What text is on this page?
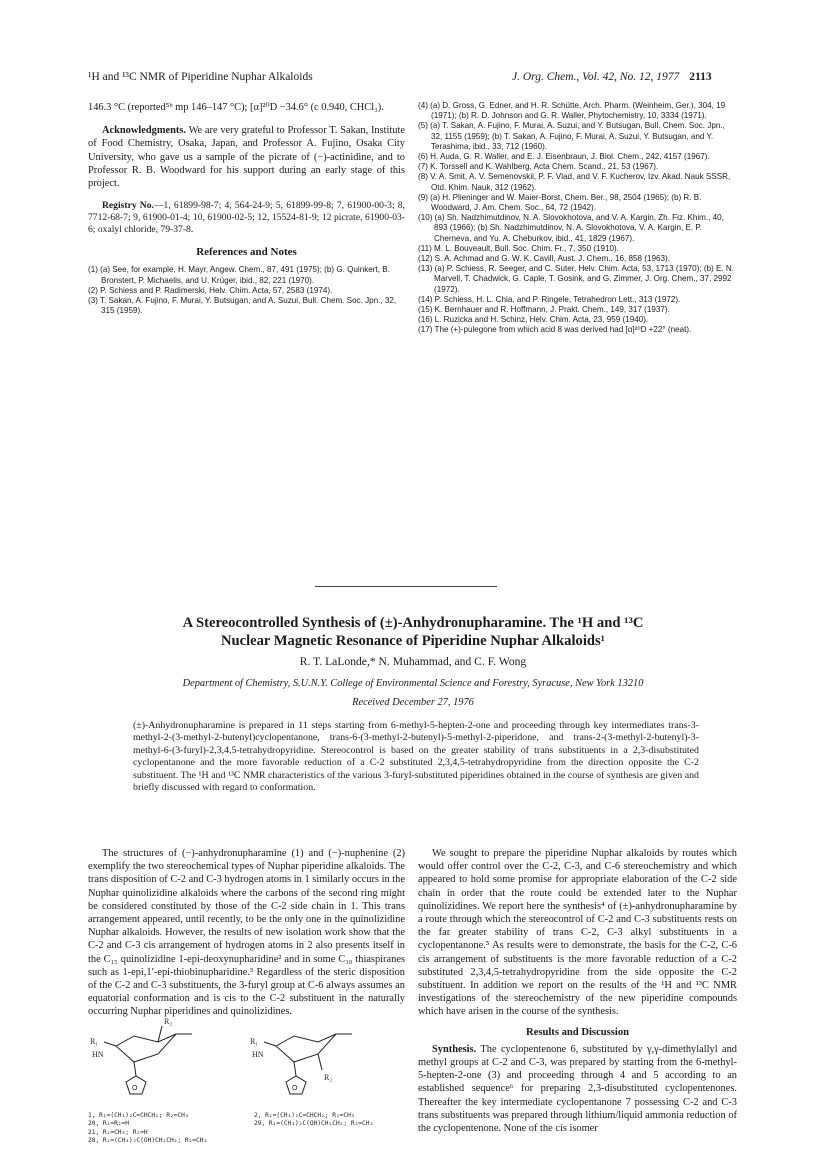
¹H and ¹³C NMR of Piperidine Nuphar Alkaloids	J. Org. Chem., Vol. 42, No. 12, 1977 2113

146.3 °C (reported⁵ᵇ mp 146–147 °C); [α]²⁰D −34.6° (c 0.940, CHCl₃).

Acknowledgments. We are very grateful to Professor T. Sakan, Institute of Food Chemistry, Osaka, Japan, and Professor A. Fujino, Osaka City University, who gave us a sample of the picrate of (−)-actinidine, and to Professor R. B. Woodward for his support during an early stage of this project.

Registry No.—1, 61899-98-7; 4, 564-24-9; 5, 61899-99-8; 7, 61900-00-3; 8, 7712-68-7; 9, 61900-01-4; 10, 61900-02-5; 12, 15524-81-9; 12 picrate, 61900-03-6; oxalyl chloride, 79-37-8.

References and Notes

(1) (a) See, for example, H. Mayr, Angew. Chem., 87, 491 (1975); (b) G. Quinkert, B. Bronstert, P. Michaelis, and U. Krüger, ibid., 82, 221 (1970).

(2) P. Schiess and P. Radimerski, Helv. Chim. Acta, 57, 2583 (1974).

(3) T. Sakan, A. Fujino, F. Murai, Y. Butsugan, and A. Suzui, Bull. Chem. Soc. Jpn., 32, 315 (1959).

(4) (a) D. Gross, G. Edner, and H. R. Schütte, Arch. Pharm. (Weinheim, Ger.), 304, 19 (1971); (b) R. D. Johnson and G. R. Waller, Phytochemistry, 10, 3334 (1971).

(5) (a) T. Sakan, A. Fujino, F. Murai, A. Suzui, and Y. Butsugan, Bull. Chem. Soc. Jpn., 32, 1155 (1959); (b) T. Sakan, A. Fujino, F. Murai, A. Suzui, Y. Butsugan, and Y. Terashima, ibid., 33, 712 (1960).

(6) H. Auda, G. R. Waller, and E. J. Eisenbraun, J. Biol. Chem., 242, 4157 (1967).

(7) K. Torssell and K. Wahlberg, Acta Chem. Scand., 21, 53 (1967).

(8) V. A. Smit, A. V. Semenovskii, P. F. Vlad, and V. F. Kucherov, Izv. Akad. Nauk SSSR, Otd. Khim. Nauk, 312 (1962).

(9) (a) H. Plieninger and W. Maier-Borst, Chem. Ber., 98, 2504 (1965); (b) R. B. Woodward, J. Am. Chem. Soc., 64, 72 (1942).

(10) (a) Sh. Nadzhimutdinov, N. A. Slovokhotova, and V. A. Kargin, Zh. Fiz. Khim., 40, 893 (1966); (b) Sh. Nadzhimutdinov, N. A. Slovokhotova, V. A. Kargin, E. P. Cherneva, and Yu. A. Cheburkov, ibid., 41, 1829 (1967).

(11) M. L. Bouveault, Bull. Soc. Chim. Fr., 7, 350 (1910).

(12) S. A. Achmad and G. W. K. Cavill, Aust. J. Chem., 16, 858 (1963).

(13) (a) P. Schiess, R. Seeger, and C. Suter, Helv. Chim. Acta, 53, 1713 (1970); (b) E. N. Marvell, T. Chadwick, G. Caple, T. Gosink, and G. Zimmer, J. Org. Chem., 37, 2992 (1972).

(14) P. Schiess, H. L. Chia, and P. Ringele, Tetrahedron Lett., 313 (1972).

(15) K. Bernhauer and R. Hoffmann, J. Prakt. Chem., 149, 317 (1937).

(16) L. Ruzicka and H. Schinz, Helv. Chim. Acta, 23, 959 (1940).

(17) The (+)-pulegone from which acid 8 was derived had [α]²⁰D +22° (neat).

A Stereocontrolled Synthesis of (±)-Anhydronupharamine. The ¹H and ¹³C
Nuclear Magnetic Resonance of Piperidine Nuphar Alkaloids¹
R. T. LaLonde,* N. Muhammad, and C. F. Wong
Department of Chemistry, S.U.N.Y. College of Environmental Science and Forestry, Syracuse, New York 13210
Received December 27, 1976
(±)-Anhydronupharamine is prepared in 11 steps starting from 6-methyl-5-hepten-2-one and proceeding through key intermediates trans-3-methyl-2-(3-methyl-2-butenyl)cyclopentanone, trans-6-(3-methyl-2-butenyl)-5-methyl-2-piperidone, and trans-2-(3-methyl-2-butenyl)-3-methyl-6-(3-furyl)-2,3,4,5-tetrahydropyridine. Stereocontrol is based on the greater stability of trans substituents in a 2,3-disubstituted cyclopentanone and the more favorable reduction of a C-2 substituted 2,3,4,5-tetrahydropyridine from the direction opposite the C-2 substituent. The ¹H and ¹³C NMR characteristics of the various 3-furyl-substituted piperidines obtained in the course of synthesis are given and briefly discussed with regard to conformation.

The structures of (−)-anhydronupharamine (1) and (−)-nuphenine (2) exemplify the two stereochemical types of Nuphar piperidine alkaloids. The trans disposition of C-2 and C-3 hydrogen atoms in 1 similarly occurs in the Nuphar quinolizidine alkaloids where the carbons of the second ring might be considered constituted by those of the C-2 side chain in 1. This trans arrangement appeared, until recently, to be the only one in the quinolizidine Nuphar alkaloids. However, the results of new isolation work show that the C-2 and C-3 cis arrangement of hydrogen atoms in 2 also presents itself in the C₁₅ quinolizidine 1-epi-deoxynupharidine² and in some C₃₀ thiaspiranes such as 1-epi,1′-epi-thiobinupharidine.³ Regardless of the steric disposition of the C-2 and C-3 substituents, the 3-furyl group at C-6 always assumes an equatorial conformation and is cis to the C-2 substituent in the naturally occurring Nuphar piperidines and quinolizidines.

O
R₂
R₁
HN
O
R₂
R₁
HN
1, R₁=(CH₃)₂C=CHCH₂; R₂=CH₃
20, R₁=R₂=H
21, R₁=CH₃; R₂=H
28, R₁=(CH₃)₂C(OH)CH₂CH₂; R₂=CH₃
2, R₁=(CH₃)₂C=CHCH₂; R₂=CH₃
29, R₁=(CH₃)₂C(OH)CH₂CH₂; R₂=CH₃

We sought to prepare the piperidine Nuphar alkaloids by routes which would offer control over the C-2, C-3, and C-6 stereochemistry and which appeared to hold some promise for appropriate elaboration of the C-2 side chain in order that the route could be extended later to the Nuphar quinolizidines. We report here the synthesis⁴ of (±)-anhydronupharamine by a route through which the stereocontrol of C-2 and C-3 substituents rests on the far greater stability of trans C-2, C-3 alkyl substituents in a cyclopentanone.⁵ As results were to demonstrate, the basis for the C-2, C-6 cis arrangement of substituents is the more favorable reduction of a C-2 substituted 2,3,4,5-tetrahydropyridine from the side opposite the C-2 substituent. In addition we report on the results of the ¹H and ¹³C NMR investigations of the stereochemistry of the new piperidine compounds which have arisen in the course of the synthesis.

Results and Discussion

Synthesis. The cyclopentenone 6, substituted by γ,γ-dimethylallyl and methyl groups at C-2 and C-3, was prepared by starting from the 6-methyl-5-hepten-2-one (3) and proceeding through 4 and 5 according to an established sequence⁶ for preparing 2,3-disubstituted cyclopentenones. Thereafter the key intermediate cyclopentanone 7 possessing C-2 and C-3 trans substituents was prepared through lithium/liquid ammonia reduction of the cyclopentenone. None of the cis isomer
